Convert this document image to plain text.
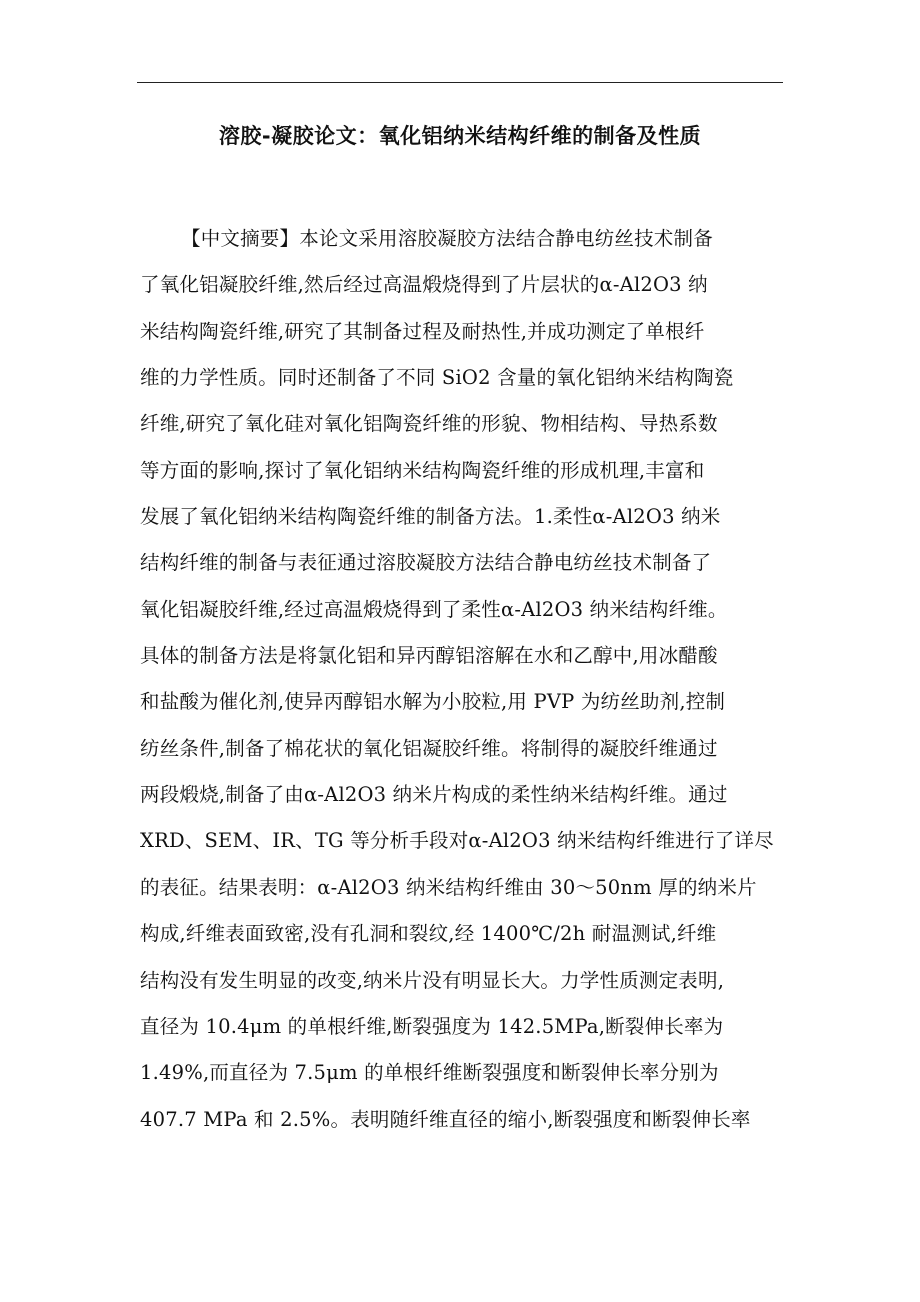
溶胶-凝胶论文：氧化铝纳米结构纤维的制备及性质
【中文摘要】本论文采用溶胶凝胶方法结合静电纺丝技术制备
了氧化铝凝胶纤维,然后经过高温煅烧得到了片层状的α-Al2O3 纳
米结构陶瓷纤维,研究了其制备过程及耐热性,并成功测定了单根纤
维的力学性质。同时还制备了不同 SiO2 含量的氧化铝纳米结构陶瓷
纤维,研究了氧化硅对氧化铝陶瓷纤维的形貌、物相结构、导热系数
等方面的影响,探讨了氧化铝纳米结构陶瓷纤维的形成机理,丰富和
发展了氧化铝纳米结构陶瓷纤维的制备方法。1.柔性α-Al2O3 纳米
结构纤维的制备与表征通过溶胶凝胶方法结合静电纺丝技术制备了
氧化铝凝胶纤维,经过高温煅烧得到了柔性α-Al2O3 纳米结构纤维。
具体的制备方法是将氯化铝和异丙醇铝溶解在水和乙醇中,用冰醋酸
和盐酸为催化剂,使异丙醇铝水解为小胶粒,用 PVP 为纺丝助剂,控制
纺丝条件,制备了棉花状的氧化铝凝胶纤维。将制得的凝胶纤维通过
两段煅烧,制备了由α-Al2O3 纳米片构成的柔性纳米结构纤维。通过
XRD、SEM、IR、TG 等分析手段对α-Al2O3 纳米结构纤维进行了详尽
的表征。结果表明：α-Al2O3 纳米结构纤维由 30～50nm 厚的纳米片
构成,纤维表面致密,没有孔洞和裂纹,经 1400℃/2h 耐温测试,纤维
结构没有发生明显的改变,纳米片没有明显长大。力学性质测定表明,
直径为 10.4μm 的单根纤维,断裂强度为 142.5MPa,断裂伸长率为
1.49%,而直径为 7.5μm 的单根纤维断裂强度和断裂伸长率分别为
407.7 MPa 和 2.5%。表明随纤维直径的缩小,断裂强度和断裂伸长率
